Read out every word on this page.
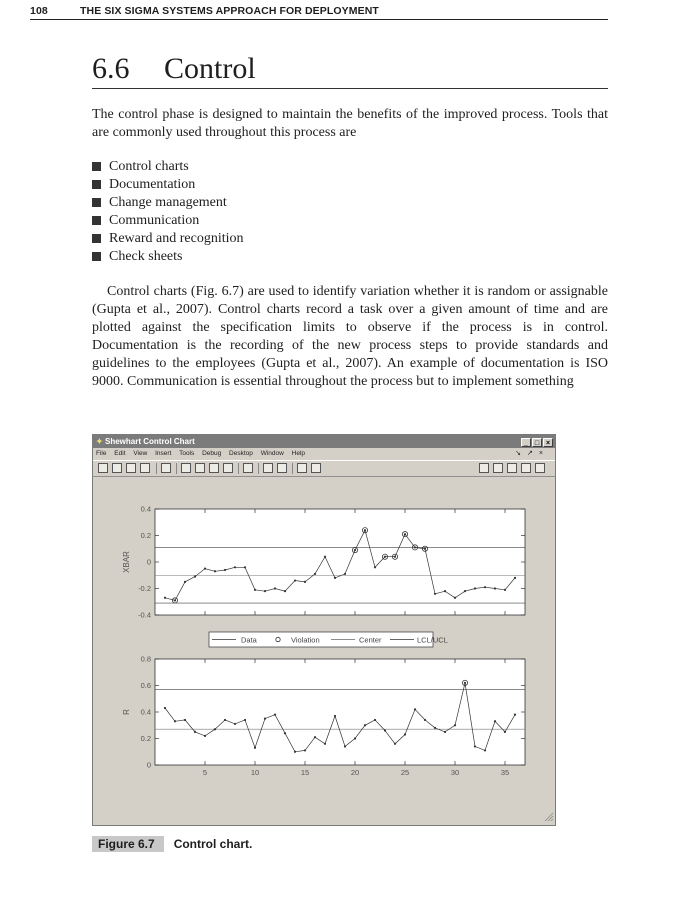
108	THE SIX SIGMA SYSTEMS APPROACH FOR DEPLOYMENT
6.6 Control

The control phase is designed to maintain the benefits of the improved process. Tools that are commonly used throughout this process are

Control charts
Documentation
Change management
Communication
Reward and recognition
Check sheets

Control charts (Fig. 6.7) are used to identify variation whether it is random or assignable (Gupta et al., 2007). Control charts record a task over a given amount of time and are plotted against the specification limits to observe if the process is in control. Documentation is the recording of the new process steps to provide standards and guidelines to the employees (Gupta et al., 2007). An example of documentation is ISO 9000. Communication is essential throughout the process but to implement something

✦ Shewhart Control Chart	_ □ ×
File Edit View Insert Tools Debug Desktop Window Help	↘↗×
XBAR
0.4
0.2
0
-0.2
-0.4
Data	Violation	Center	LCL/UCL
R
0.8
0.6
0.4
0.2
0
5	10	15	20	25	30	35
Figure 6.7 Control chart.
